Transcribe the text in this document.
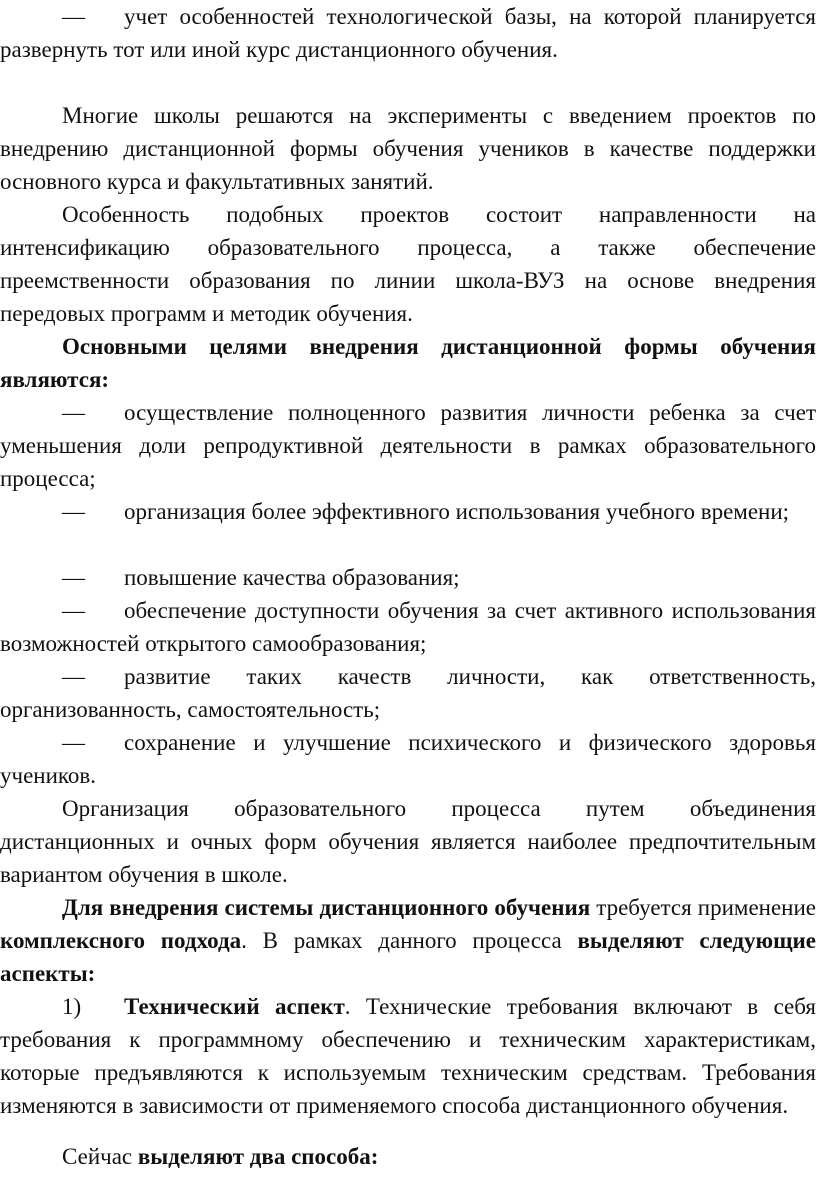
— учет особенностей технологической базы, на которой планируется развернуть тот или иной курс дистанционного обучения.
Многие школы решаются на эксперименты с введением проектов по внедрению дистанционной формы обучения учеников в качестве поддержки основного курса и факультативных занятий.
Особенность подобных проектов состоит направленности на интенсификацию образовательного процесса, а также обеспечение преемственности образования по линии школа-ВУЗ на основе внедрения передовых программ и методик обучения.
Основными целями внедрения дистанционной формы обучения являются:
— осуществление полноценного развития личности ребенка за счет уменьшения доли репродуктивной деятельности в рамках образовательного процесса;
— организация более эффективного использования учебного времени;
— повышение качества образования;
— обеспечение доступности обучения за счет активного использования возможностей открытого самообразования;
— развитие таких качеств личности, как ответственность, организованность, самостоятельность;
— сохранение и улучшение психического и физического здоровья учеников.
Организация образовательного процесса путем объединения дистанционных и очных форм обучения является наиболее предпочтительным вариантом обучения в школе.
Для внедрения системы дистанционного обучения требуется применение комплексного подхода. В рамках данного процесса выделяют следующие аспекты:
1) Технический аспект. Технические требования включают в себя требования к программному обеспечению и техническим характеристикам, которые предъявляются к используемым техническим средствам. Требования изменяются в зависимости от применяемого способа дистанционного обучения.
Сейчас выделяют два способа:
